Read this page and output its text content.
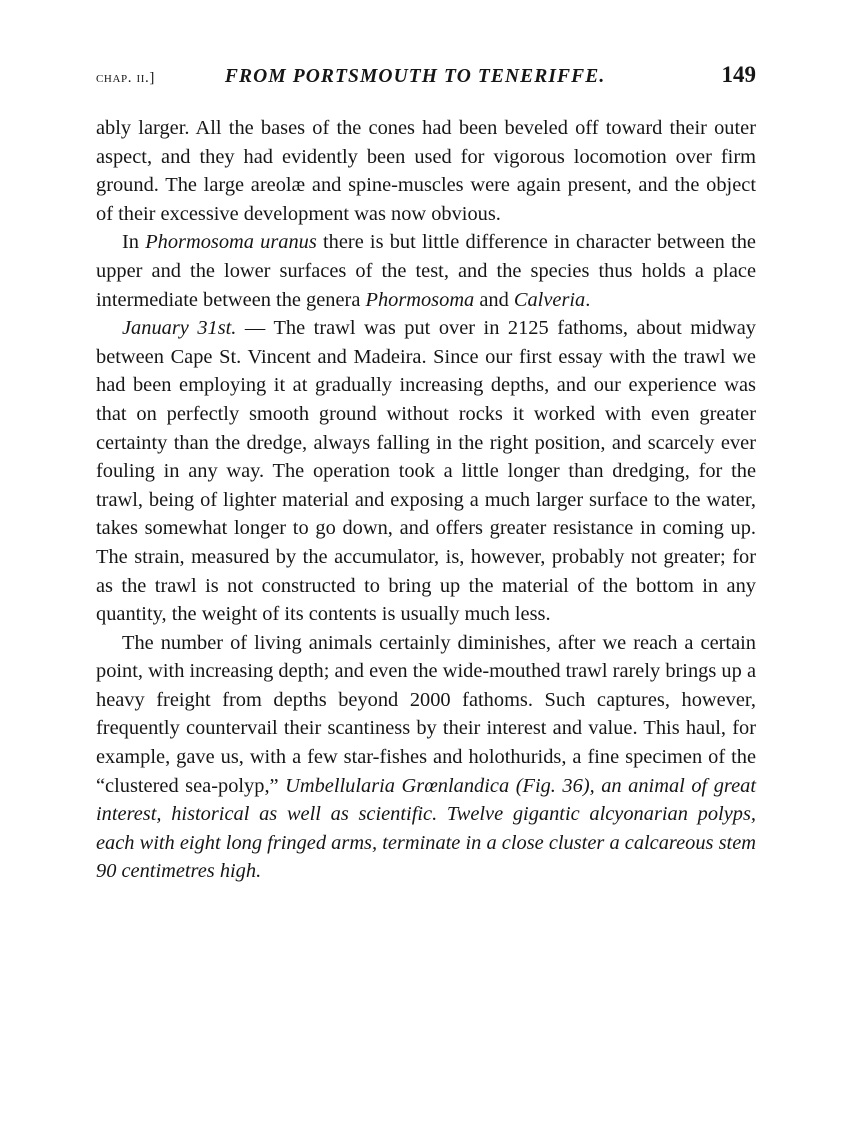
chap. ii.]	FROM PORTSMOUTH TO TENERIFFE.	149

ably larger. All the bases of the cones had been beveled off toward their outer aspect, and they had evidently been used for vigorous locomotion over firm ground. The large areolæ and spine-muscles were again present, and the object of their excessive development was now obvious.

In Phormosoma uranus there is but little difference in character between the upper and the lower surfaces of the test, and the species thus holds a place intermediate between the genera Phormosoma and Calveria.

January 31st. — The trawl was put over in 2125 fathoms, about midway between Cape St. Vincent and Madeira. Since our first essay with the trawl we had been employing it at gradually increasing depths, and our experience was that on perfectly smooth ground without rocks it worked with even greater certainty than the dredge, always falling in the right position, and scarcely ever fouling in any way. The operation took a little longer than dredging, for the trawl, being of lighter material and exposing a much larger surface to the water, takes somewhat longer to go down, and offers greater resistance in coming up. The strain, measured by the accumulator, is, however, probably not greater; for as the trawl is not constructed to bring up the material of the bottom in any quantity, the weight of its contents is usually much less.

The number of living animals certainly diminishes, after we reach a certain point, with increasing depth; and even the wide-mouthed trawl rarely brings up a heavy freight from depths beyond 2000 fathoms. Such captures, however, frequently countervail their scantiness by their interest and value. This haul, for example, gave us, with a few star-fishes and holothurids, a fine specimen of the “clustered sea-polyp,” Umbellularia Grœnlandica (Fig. 36), an animal of great interest, historical as well as scientific. Twelve gigantic alcyonarian polyps, each with eight long fringed arms, terminate in a close cluster a calcareous stem 90 centimetres high.
